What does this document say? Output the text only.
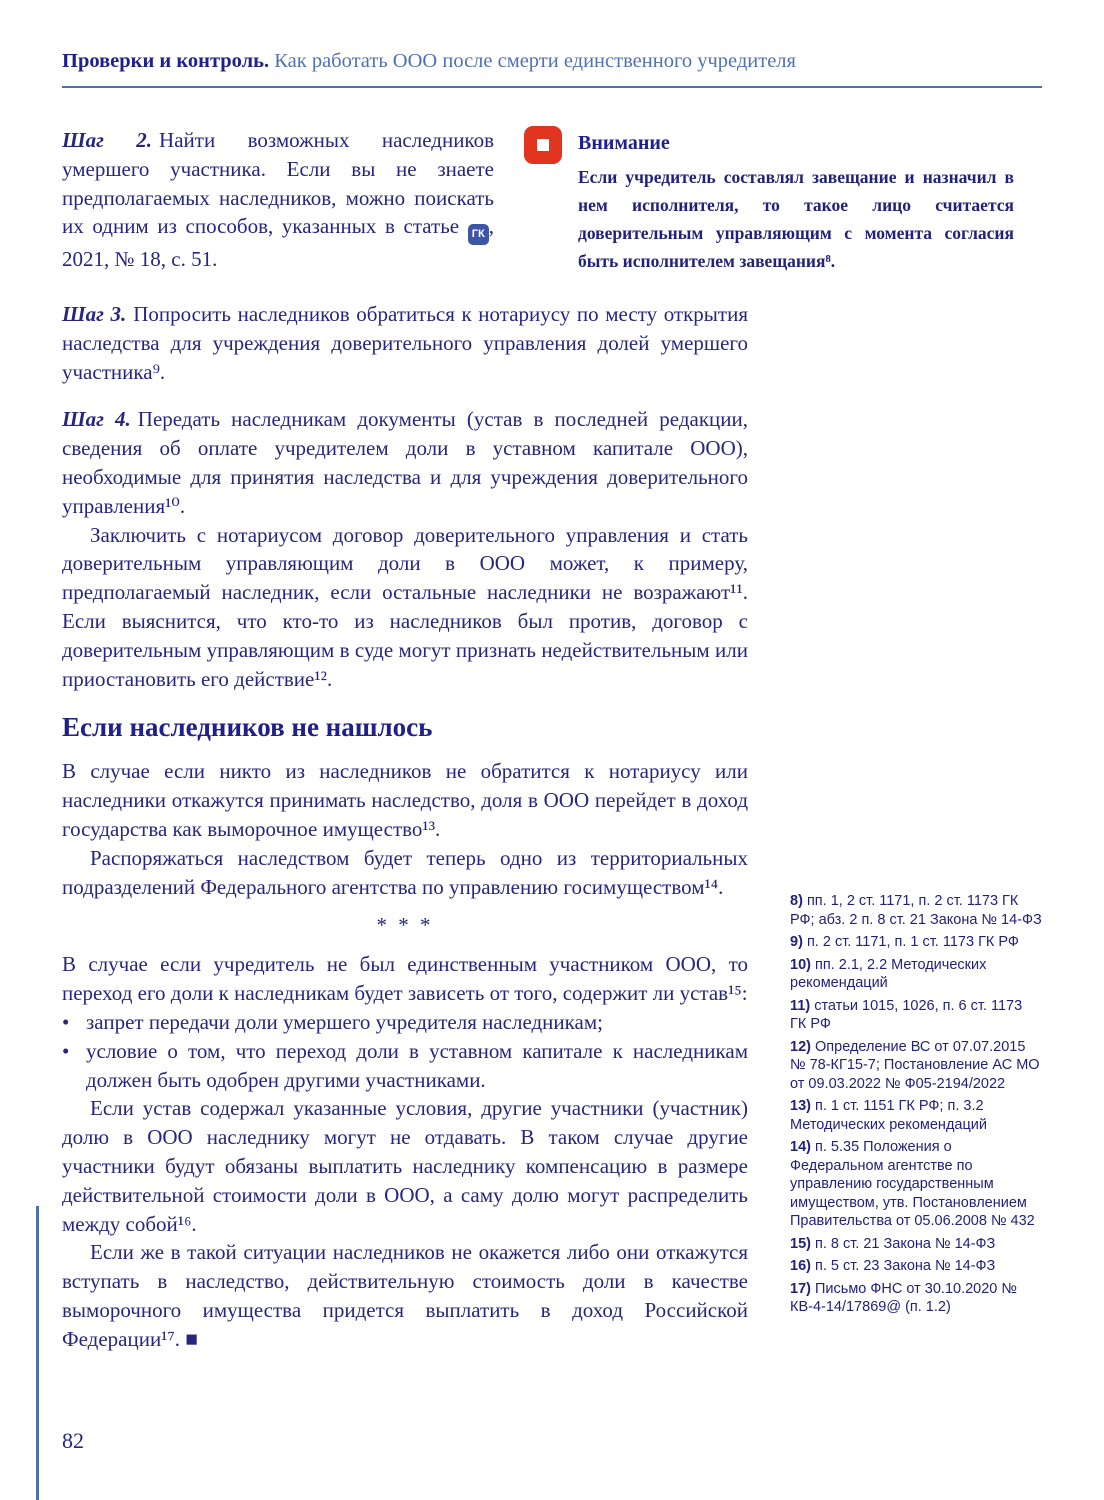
Проверки и контроль. Как работать ООО после смерти единственного учредителя

Шаг 2. Найти возможных наследников умершего участника. Если вы не знаете предполагаемых наследников, можно поискать их одним из способов, указанных в статье ГК , 2021, № 18, с. 51.

Внимание

Если учредитель составлял завещание и назначил в нем исполнителя, то такое лицо считается доверительным управляющим с момента согласия быть исполнителем завещания⁸.

Шаг 3. Попросить наследников обратиться к нотариусу по месту открытия наследства для учреждения доверительного управления долей умершего участника⁹.

Шаг 4. Передать наследникам документы (устав в последней редакции, сведения об оплате учредителем доли в уставном капитале ООО), необходимые для принятия наследства и для учреждения доверительного управления¹⁰.

Заключить с нотариусом договор доверительного управления и стать доверительным управляющим доли в ООО может, к примеру, предполагаемый наследник, если остальные наследники не возражают¹¹. Если выяснится, что кто-то из наследников был против, договор с доверительным управляющим в суде могут признать недействительным или приостановить его действие¹².

Если наследников не нашлось

В случае если никто из наследников не обратится к нотариусу или наследники откажутся принимать наследство, доля в ООО перейдет в доход государства как выморочное имущество¹³.

Распоряжаться наследством будет теперь одно из территориальных подразделений Федерального агентства по управлению госимуществом¹⁴.

* * *

В случае если учредитель не был единственным участником ООО, то переход его доли к наследникам будет зависеть от того, содержит ли устав¹⁵:

• запрет передачи доли умершего учредителя наследникам;
• условие о том, что переход доли в уставном капитале к наследникам должен быть одобрен другими участниками.

Если устав содержал указанные условия, другие участники (участник) долю в ООО наследнику могут не отдавать. В таком случае другие участники будут обязаны выплатить наследнику компенсацию в размере действительной стоимости доли в ООО, а саму долю могут распределить между собой¹⁶.

Если же в такой ситуации наследников не окажется либо они откажутся вступать в наследство, действительную стоимость доли в качестве выморочного имущества придется выплатить в доход Российской Федерации¹⁷. ■

8) пп. 1, 2 ст. 1171, п. 2 ст. 1173 ГК РФ; абз. 2 п. 8 ст. 21 Закона № 14-ФЗ

9) п. 2 ст. 1171, п. 1 ст. 1173 ГК РФ

10) пп. 2.1, 2.2 Методических рекомендаций

11) статьи 1015, 1026, п. 6 ст. 1173 ГК РФ

12) Определение ВС от 07.07.2015 № 78-КГ15-7; Постановление АС МО от 09.03.2022 № Ф05-2194/2022

13) п. 1 ст. 1151 ГК РФ; п. 3.2 Методических рекомендаций

14) п. 5.35 Положения о Федеральном агентстве по управлению государственным имуществом, утв. Постановлением Правительства от 05.06.2008 № 432

15) п. 8 ст. 21 Закона № 14-ФЗ

16) п. 5 ст. 23 Закона № 14-ФЗ

17) Письмо ФНС от 30.10.2020 № КВ-4-14/17869@ (п. 1.2)

82
